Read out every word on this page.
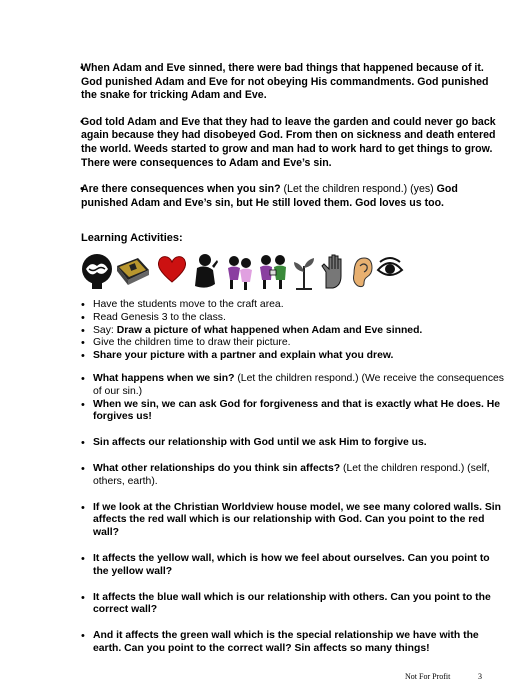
• When Adam and Eve sinned, there were bad things that happened because of it. God punished Adam and Eve for not obeying His commandments. God punished the snake for tricking Adam and Eve.
• God told Adam and Eve that they had to leave the garden and could never go back again because they had disobeyed God. From then on sickness and death entered the world. Weeds started to grow and man had to work hard to get things to grow. There were consequences to Adam and Eve’s sin.
• Are there consequences when you sin? (Let the children respond.) (yes) God punished Adam and Eve’s sin, but He still loved them. God loves us too.

Learning Activities:

• Have the students move to the craft area.
• Read Genesis 3 to the class.
• Say: Draw a picture of what happened when Adam and Eve sinned.
• Give the children time to draw their picture.
• Share your picture with a partner and explain what you drew.
• What happens when we sin? (Let the children respond.) (We receive the consequences of our sin.)
• When we sin, we can ask God for forgiveness and that is exactly what He does. He forgives us!
• Sin affects our relationship with God until we ask Him to forgive us.
• What other relationships do you think sin affects? (Let the children respond.) (self, others, earth).
• If we look at the Christian Worldview house model, we see many colored walls. Sin affects the red wall which is our relationship with God. Can you point to the red wall?
• It affects the yellow wall, which is how we feel about ourselves. Can you point to the yellow wall?
• It affects the blue wall which is our relationship with others. Can you point to the correct wall?
• And it affects the green wall which is the special relationship we have with the earth. Can you point to the correct wall? Sin affects so many things!
Not For Profit	3
